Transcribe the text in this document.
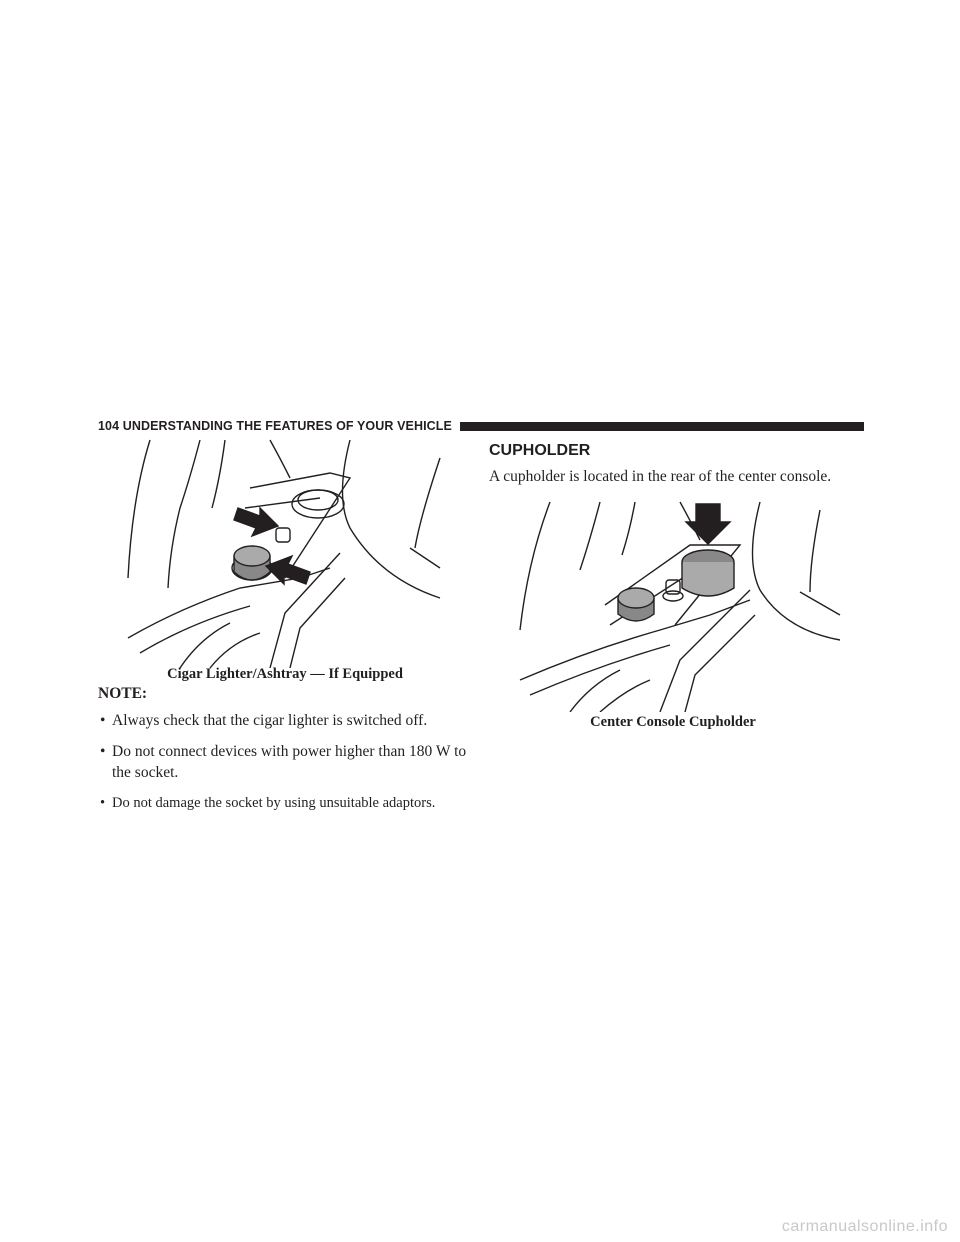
104 UNDERSTANDING THE FEATURES OF YOUR VEHICLE
Cigar Lighter/Ashtray — If Equipped
NOTE:
• Always check that the cigar lighter is switched off.
• Do not connect devices with power higher than 180 W to the socket.
• Do not damage the socket by using unsuitable adaptors.
CUPHOLDER
A cupholder is located in the rear of the center console.
Center Console Cupholder
carmanualsonline.info
